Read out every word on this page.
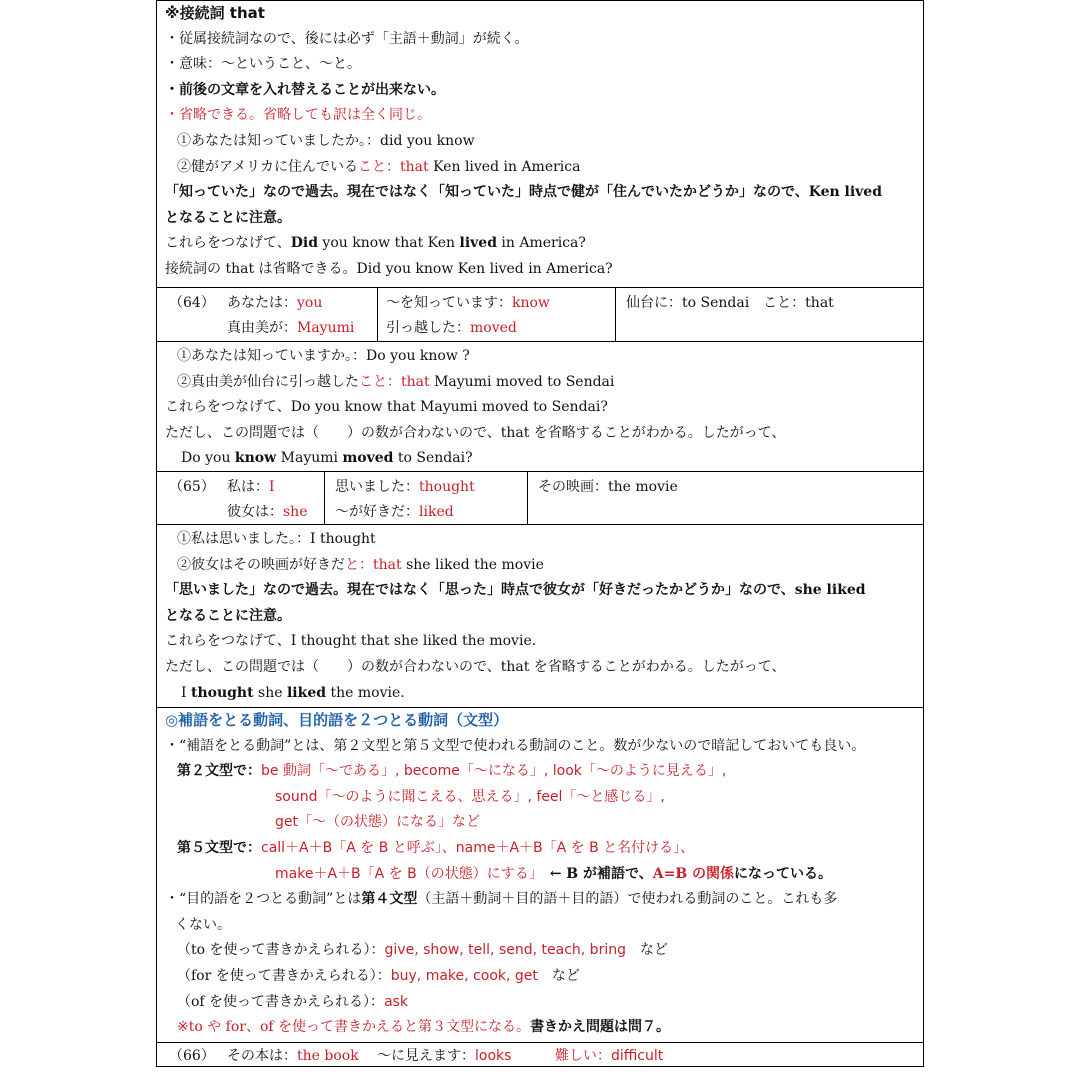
※接続詞 that
・従属接続詞なので、後には必ず「主語＋動詞」が続く。
・意味：～ということ、～と。
・前後の文章を入れ替えることが出来ない。
・省略できる。省略しても訳は全く同じ。
①あなたは知っていましたか。：did you know
②健がアメリカに住んでいること：that Ken lived in America
「知っていた」なので過去。現在ではなく「知っていた」時点で健が「住んでいたかどうか」なので、Ken lived
となることに注意。
これらをつなげて、Did you know that Ken lived in America?
接続詞の that は省略できる。Did you know Ken lived in America?
（64） あなたは：you
真由美が：Mayumi
～を知っています：know
引っ越した：moved
仙台に：to Sendai　こと：that
①あなたは知っていますか。：Do you know ?
②真由美が仙台に引っ越したこと：that Mayumi moved to Sendai
これらをつなげて、Do you know that Mayumi moved to Sendai?
ただし、この問題では（　　）の数が合わないので、that を省略することがわかる。したがって、
Do you know Mayumi moved to Sendai?
（65） 私は：I
彼女は：she
思いました：thought
～が好きだ：liked
その映画：the movie
①私は思いました。：I thought
②彼女はその映画が好きだと：that she liked the movie
「思いました」なので過去。現在ではなく「思った」時点で彼女が「好きだったかどうか」なので、she liked
となることに注意。
これらをつなげて、I thought that she liked the movie.
ただし、この問題では（　　）の数が合わないので、that を省略することがわかる。したがって、
I thought she liked the movie.
◎補語をとる動詞、目的語を２つとる動詞（文型）
・“補語をとる動詞”とは、第２文型と第５文型で使われる動詞のこと。数が少ないので暗記しておいても良い。
第２文型で：be 動詞「～である」, become「～になる」, look「～のように見える」,
sound「～のように聞こえる、思える」, feel「～と感じる」,
get「～（の状態）になる」など
第５文型で：call＋A＋B「A を B と呼ぶ」、name＋A＋B「A を B と名付ける」、
make＋A＋B「A を B（の状態）にする」　← B が補語で、A=B の関係になっている。
・“目的語を２つとる動詞”とは第４文型（主語＋動詞＋目的語＋目的語）で使われる動詞のこと。これも多
くない。
（to を使って書きかえられる）：give, show, tell, send, teach, bring　など
（for を使って書きかえられる）：buy, make, cook, get　など
（of を使って書きかえられる）：ask
※to や for、of を使って書きかえると第３文型になる。書きかえ問題は問７。
（66） その本は：the book ～に見えます：looks	難しい：difficult
